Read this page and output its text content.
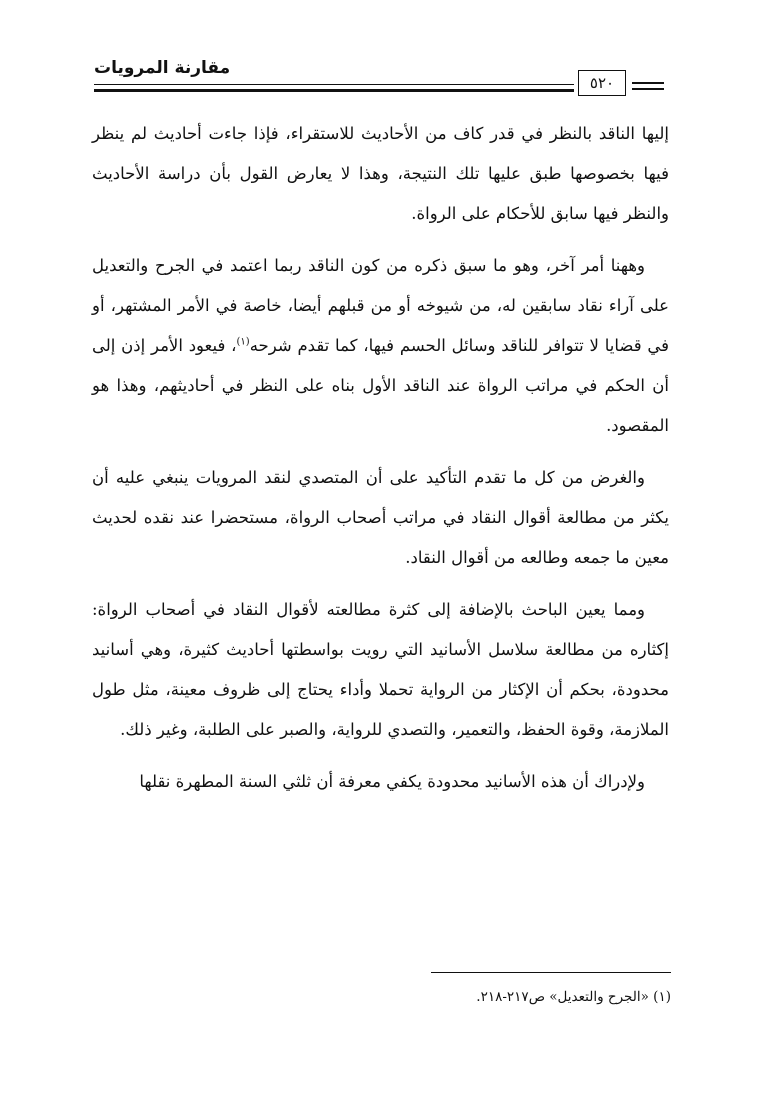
مقارنة المرويات
٥٢٠

إليها الناقد بالنظر في قدر كاف من الأحاديث للاستقراء، فإذا جاءت أحاديث لم ينظر فيها بخصوصها طبق عليها تلك النتيجة، وهذا لا يعارض القول بأن دراسة الأحاديث والنظر فيها سابق للأحكام على الرواة.

وههنا أمر آخر، وهو ما سبق ذكره من كون الناقد ربما اعتمد في الجرح والتعديل على آراء نقاد سابقين له، من شيوخه أو من قبلهم أيضا، خاصة في الأمر المشتهر، أو في قضايا لا تتوافر للناقد وسائل الحسم فيها، كما تقدم شرحه$^{(١)}$، فيعود الأمر إذن إلى أن الحكم في مراتب الرواة عند الناقد الأول بناه على النظر في أحاديثهم، وهذا هو المقصود.

والغرض من كل ما تقدم التأكيد على أن المتصدي لنقد المرويات ينبغي عليه أن يكثر من مطالعة أقوال النقاد في مراتب أصحاب الرواة، مستحضرا عند نقده لحديث معين ما جمعه وطالعه من أقوال النقاد.

ومما يعين الباحث بالإضافة إلى كثرة مطالعته لأقوال النقاد في أصحاب الرواة: إكثاره من مطالعة سلاسل الأسانيد التي رويت بواسطتها أحاديث كثيرة، وهي أسانيد محدودة، بحكم أن الإكثار من الرواية تحملا وأداء يحتاج إلى ظروف معينة، مثل طول الملازمة، وقوة الحفظ، والتعمير، والتصدي للرواية، والصبر على الطلبة، وغير ذلك.

ولإدراك أن هذه الأسانيد محدودة يكفي معرفة أن ثلثي السنة المطهرة نقلها

(١) «الجرح والتعديل» ص٢١٧-٢١٨.
